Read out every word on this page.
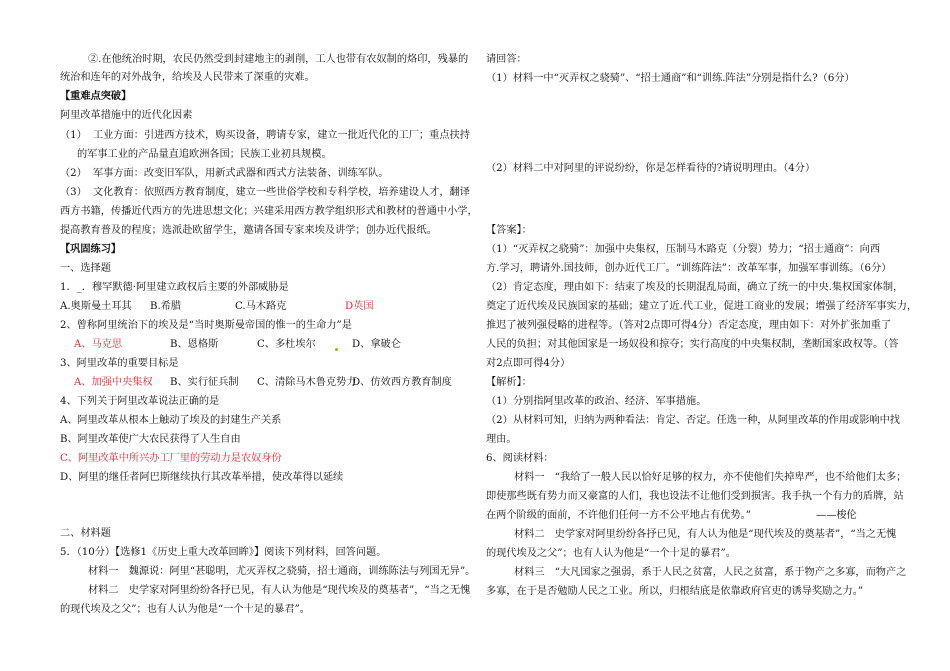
②.在他统治时期，农民仍然受到封建地主的剥削，工人也带有农奴制的烙印，残暴的
统治和连年的对外战争，给埃及人民带来了深重的灾难。
【重难点突破】
阿里改革措施中的近代化因素
（1） 工业方面：引进西方技术，购买设备，聘请专家，建立一批近代化的工厂；重点扶持
的军事工业的产品量直追欧洲各国；民族工业初具规模。
（2） 军事方面：改变旧军队，用新式武器和西式方法装备、训练军队。
（3） 文化教育：依照西方教育制度，建立一些世俗学校和专科学校，培养建设人才，翻译
西方书籍，传播近代西方的先进思想文化；兴建采用西方教学组织形式和教材的普通中小学，
提高教育普及的程度；选派赴欧留学生，邀请各国专家来埃及讲学；创办近代报纸。
【巩固练习】
一、选择题
1．_．穆罕默德·阿里建立政权后主要的外部威胁是
A.奥斯曼土耳其 B.希腊	C.马木路克	D英国
2、曾称阿里统治下的埃及是“当时奥斯曼帝国的惟一的生命力”是
A、马克思	B、恩格斯	C、多杜埃尔	D、拿破仑
3、阿里改革的重要目标是
A、加强中央集权 B、实行征兵制 C、清除马木鲁克势力
D、仿效西方教育制度
4、下列关于阿里改革说法正确的是
A、阿里改革从根本上触动了埃及的封建生产关系
B、阿里改革使广大农民获得了人生自由
C、阿里改革中所兴办工厂里的劳动力是农奴身份
D、阿里的继任者阿巴斯继续执行其改革举措，使改革得以延续
二、材料题
5．（10分）【选修1《历史上重大改革回眸》】阅读下列材料，回答问题。
材料一　魏源说：阿里“甚聪明，尤灭弄权之骁骑，招士通商，训练陈法与列国无异”。
材料二　史学家对阿里纷纷各抒已见，有人认为他是“现代埃及的奠基者”，“当之无愧
的现代埃及之父”；也有人认为他是“一个十足的暴君”。
请回答：
（1）材料一中“灭弄权之骁骑”、“招士通商”和“训练.阵法”分别是指什么?（6分）
（2）材料二中对阿里的评说纷纷，你是怎样看待的?请说明理由。（4分）
【答案】：
（1）“灭弄权之骁骑”：加强中央集权，压制马木路克（分裂）势力；“招士通商”：向西
方.学习，聘请外.国技师，创办近代工厂。“训练阵法”：改革军事，加强军事训练。（6分）
（2）肯定态度，理由如下：结束了埃及的长期混乱局面，确立了统一的中央.集权国家体制，
奠定了近代埃及民族国家的基础；建立了近.代工业，促进工商业的发展；增强了经济军事实力，
推迟了被列强侵略的进程等。（答对2点即可得4分）否定态度，理由如下：对外扩张加重了
人民的负担；对其他国家是一场奴役和掠夺；实行高度的中央集权制，垄断国家政权等。（答
对2点即可得4分）
【解析】：
（1）分别指阿里改革的政治、经济、军事措施。
（2）从材料可知，归纳为两种看法：肯定、否定。任选一种，从阿里改革的作用或影响中找
理由。
6、阅读材料：
材料一　“我给了一般人民以恰好足够的权力，亦不使他们失掉卑严，也不给他们太多；
即使那些既有势力而又豪富的人们，我也设法不让他们受到损害。我手执一个有力的盾牌，站
在两个阶级的面前，不许他们任何一方不公平地占有优势。”	——梭伦
材料二　史学家对阿里纷纷各抒已见，有人认为他是“现代埃及的奠基者”，“当之无愧
的现代埃及之父”；也有人认为他是“一个十足的暴君”。
材料三　“大凡国家之强弱，系于人民之贫富，人民之贫富，系于物产之多寡，而物产之
多寡，在于是否勉励人民之工业。所以，归根结底是依靠政府官吏的诱导奖励之力。”
